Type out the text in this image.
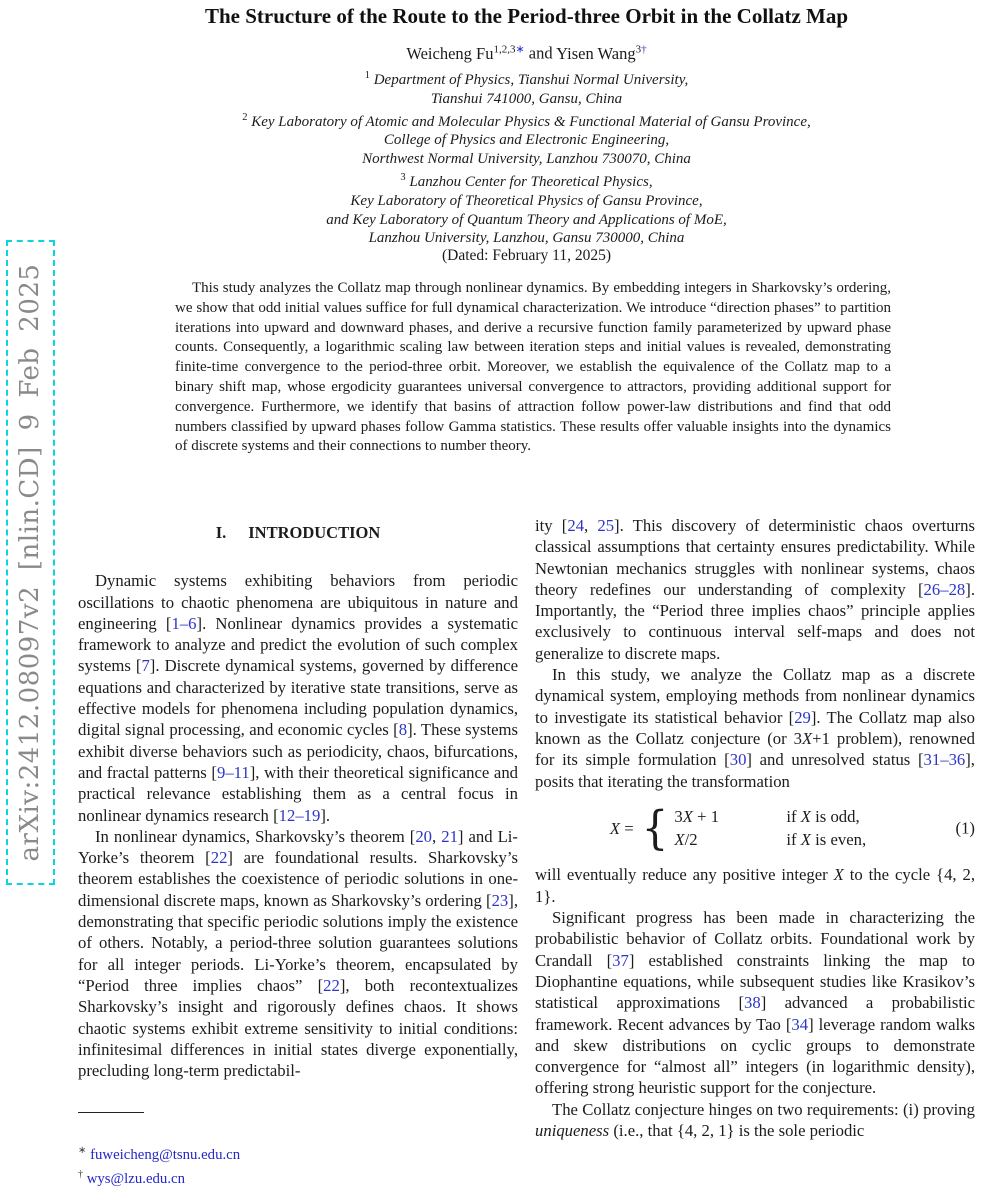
arXiv:2412.08097v2 [nlin.CD] 9 Feb 2025
The Structure of the Route to the Period-three Orbit in the Collatz Map
Weicheng $Fu^{1,2,3∗}$ and Yisen Wang$^{3\dagger}$
$^1$ Department of Physics, Tianshui Normal University,
Tianshui 741000, Gansu, China
$^2$ Key Laboratory of Atomic and Molecular Physics & Functional Material of Gansu Province,
College of Physics and Electronic Engineering,
Northwest Normal University, Lanzhou 730070, China
$^3$ Lanzhou Center for Theoretical Physics,
Key Laboratory of Theoretical Physics of Gansu Province,
and Key Laboratory of Quantum Theory and Applications of MoE,
Lanzhou University, Lanzhou, Gansu 730000, China
(Dated: February 11, 2025)
This study analyzes the Collatz map through nonlinear dynamics. By embedding integers in Sharkovsky’s ordering, we show that odd initial values suffice for full dynamical characterization. We introduce “direction phases” to partition iterations into upward and downward phases, and derive a recursive function family parameterized by upward phase counts. Consequently, a logarithmic scaling law between iteration steps and initial values is revealed, demonstrating finite-time convergence to the period-three orbit. Moreover, we establish the equivalence of the Collatz map to a binary shift map, whose ergodicity guarantees universal convergence to attractors, providing additional support for convergence. Furthermore, we identify that basins of attraction follow power-law distributions and find that odd numbers classified by upward phases follow Gamma statistics. These results offer valuable insights into the dynamics of discrete systems and their connections to number theory.
I. INTRODUCTION

Dynamic systems exhibiting behaviors from periodic oscillations to chaotic phenomena are ubiquitous in nature and engineering [1–6]. Nonlinear dynamics provides a systematic framework to analyze and predict the evolution of such complex systems [7]. Discrete dynamical systems, governed by difference equations and characterized by iterative state transitions, serve as effective models for phenomena including population dynamics, digital signal processing, and economic cycles [8]. These systems exhibit diverse behaviors such as periodicity, chaos, bifurcations, and fractal patterns [9–11], with their theoretical significance and practical relevance establishing them as a central focus in nonlinear dynamics research [12–19].

In nonlinear dynamics, Sharkovsky’s theorem [20, 21] and Li-Yorke’s theorem [22] are foundational results. Sharkovsky’s theorem establishes the coexistence of periodic solutions in one-dimensional discrete maps, known as Sharkovsky’s ordering [23], demonstrating that specific periodic solutions imply the existence of others. Notably, a period-three solution guarantees solutions for all integer periods. Li-Yorke’s theorem, encapsulated by “Period three implies chaos” [22], both recontextualizes Sharkovsky’s insight and rigorously defines chaos. It shows chaotic systems exhibit extreme sensitivity to initial conditions: infinitesimal differences in initial states diverge exponentially, precluding long-term predictabil-

ity [24, 25]. This discovery of deterministic chaos overturns classical assumptions that certainty ensures predictability. While Newtonian mechanics struggles with nonlinear systems, chaos theory redefines our understanding of complexity [26–28]. Importantly, the “Period three implies chaos” principle applies exclusively to continuous interval self-maps and does not generalize to discrete maps.

In this study, we analyze the Collatz map as a discrete dynamical system, employing methods from nonlinear dynamics to investigate its statistical behavior [29]. The Collatz map also known as the Collatz conjecture (or 3X+1 problem), renowned for its simple formulation [30] and unresolved status [31–36], posits that iterating the transformation

X = { 3X + 1	if X is odd,
X/2	if X is even,
(1)

will eventually reduce any positive integer X to the cycle {4, 2, 1}.

Significant progress has been made in characterizing the probabilistic behavior of Collatz orbits. Foundational work by Crandall [37] established constraints linking the map to Diophantine equations, while subsequent studies like Krasikov’s statistical approximations [38] advanced a probabilistic framework. Recent advances by Tao [34] leverage random walks and skew distributions on cyclic groups to demonstrate convergence for “almost all” integers (in logarithmic density), offering strong heuristic support for the conjecture.

The Collatz conjecture hinges on two requirements: (i) proving uniqueness (i.e., that {4, 2, 1} is the sole periodic

∗ fuweicheng@tsnu.edu.cn
† wys@lzu.edu.cn
